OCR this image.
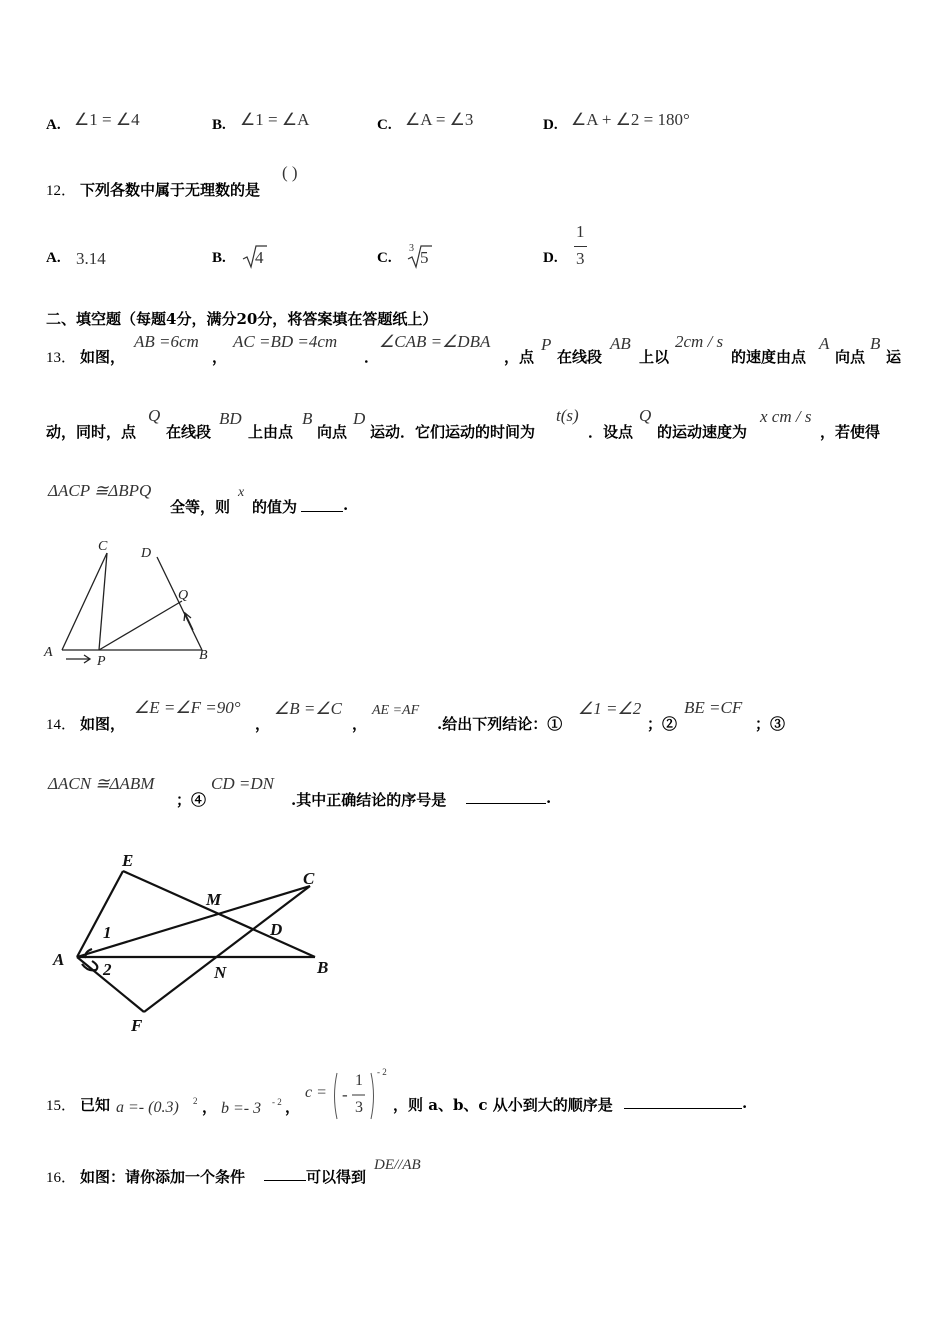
A. ∠1 = ∠4	B. ∠1 = ∠A	C. ∠A = ∠3	D. ∠A + ∠2 = 180°
12． 下列各数中属于无理数的是
( )
A. 3.14	B. 4	C.
3 5	D.
1
3
二、填空题（每题4分，满分20分，将答案填在答题纸上）
13． 如图，
AB =6cm
，
AC =BD =4cm
．
∠CAB =∠DBA
，点
P
在线段
AB
上以
2cm / s
的速度由点
A
向点
B
运
动，同时，点
Q
在线段
BD
上由点
B
向点
D
运动．它们运动的时间为
t(s)
．设点
Q
的运动速度为
x cm / s
，若使得
ΔACP ≅ΔBPQ
全等，则
x
的值为	.
C D
Q
A
P	B
14． 如图，
∠E =∠F =90°
，
∠B =∠C
，
AE =AF
.给出下列结论：①
∠1 =∠2
；②
BE =CF
；③
ΔACN ≅ΔABM
；④
CD =DN
.其中正确结论的序号是	.
E
C
M
D
1
A
2	N	B
F
15． 已知 a =- (0.3) 2 ， b =- 3 - 2 ，
c = -
1
3
- 2
，则 a、b、c 从小到大的顺序是	.
16． 如图：请你添加一个条件	可以得到
DE//AB
